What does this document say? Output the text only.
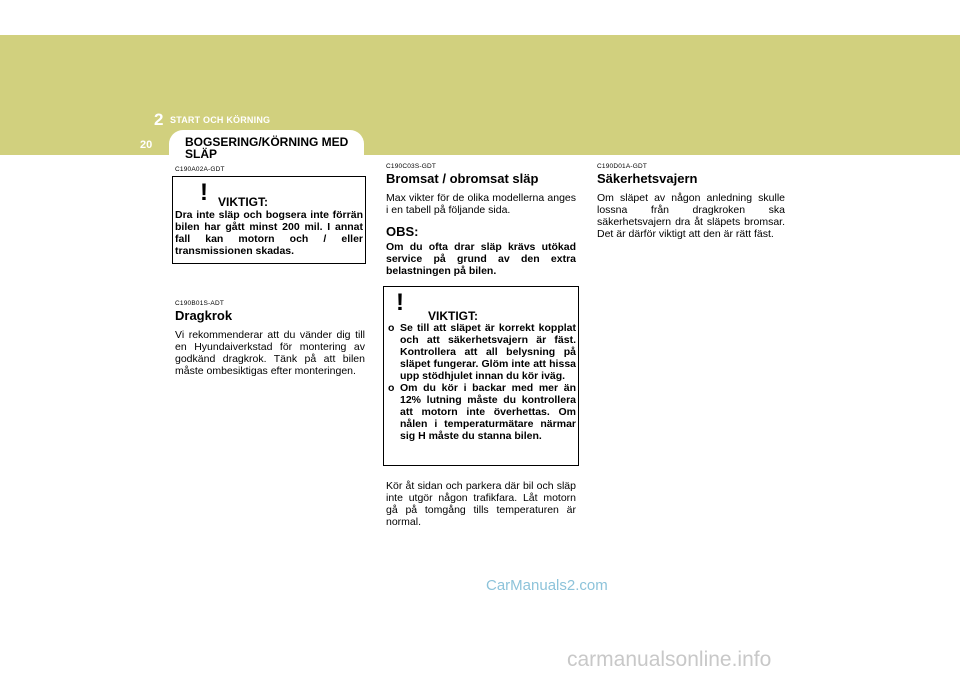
2 START OCH KÖRNING
20	BOGSERING/KÖRNING MED SLÄP
C190A02A-GDT
! VIKTIGT:

Dra inte släp och bogsera inte förrän bilen har gått minst 200 mil. I annat fall kan motorn och / eller transmissionen skadas.

C190B01S-ADT
Dragkrok

Vi rekommenderar att du vänder dig till en Hyundaiverkstad för montering av godkänd dragkrok. Tänk på att bilen måste ombesiktigas efter monteringen.

C190C03S-GDT
Bromsat / obromsat släp

Max vikter för de olika modellerna anges i en tabell på följande sida.

OBS:

Om du ofta drar släp krävs utökad service på grund av den extra belastningen på bilen.

! VIKTIGT:
o Se till att släpet är korrekt kopplat och att säkerhetsvajern är fäst. Kontrollera att all belysning på släpet fungerar. Glöm inte att hissa upp stödhjulet innan du kör iväg.
o Om du kör i backar med mer än 12% lutning måste du kontrollera att motorn inte överhettas. Om nålen i temperaturmätare närmar sig H måste du stanna bilen.

Kör åt sidan och parkera där bil och släp inte utgör någon trafikfara. Låt motorn gå på tomgång tills temperaturen är normal.

C190D01A-GDT
Säkerhetsvajern

Om släpet av någon anledning skulle lossna från dragkroken ska säkerhetsvajern dra åt släpets bromsar. Det är därför viktigt att den är rätt fäst.

CarManuals2.com
carmanualsonline.info
